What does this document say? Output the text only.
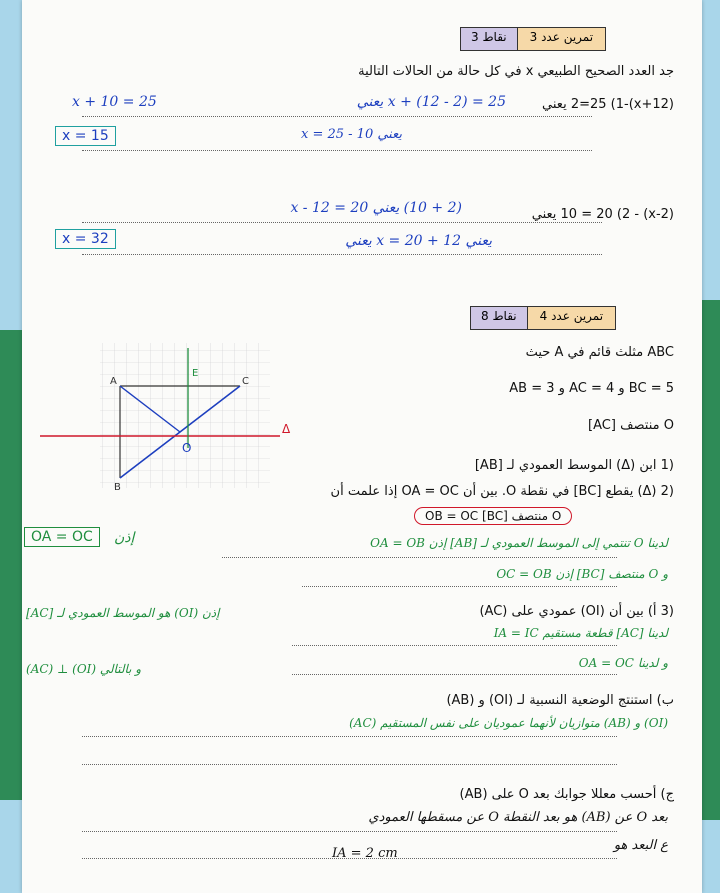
3 نقاط	تمرين عدد 3
جد العدد الصحيح الطبيعي x في كل حالة من الحالات التالية
(x+12)-2=25 (1 يعني
x + (12 - 2) = 25 يعني
x + 10 = 25
يعني x = 25 - 10
x = 15
(x-2) - 10 = 20 (2 يعني
(2 + 10) يعني x - 12 = 20
x = 32	يعني x = 20 + 12 يعني
8 نقاط	تمرين عدد 4
ABC مثلث قائم في A حيث
BC = 5 و AC = 4 و AB = 3
O منتصف [AC]
A
B
C
O
Δ
E
(1 ابن (Δ) الموسط العمودي لـ [AB]
(2 (Δ) يقطع [BC] في نقطة O. بين أن OA = OC إذا علمت أن
O منتصف [BC] OB = OC
OA = OC	إذن	لدينا O تنتمي إلى الموسط العمودي لـ [AB] إذن OA = OB
و O منتصف [BC] إذن OC = OB
(3 أ) بين أن (OI) عمودي على (AC)
لدينا [AC] قطعة مستقيم IA = IC
و لدينا OA = OC
إذن (OI) هو الموسط العمودي لـ [AC]
و بالتالي (OI) ⊥ (AC)
ب) استنتج الوضعية النسبية لـ (OI) و (AB)
(OI) و (AB) متوازيان لأنهما عموديان على نفس المستقيم (AC)
ج) أحسب معللا جوابك بعد O على (AB)
بعد O عن (AB) هو بعد النقطة O عن مسقطها العمودي
ع البعد هو
IA = 2 cm
